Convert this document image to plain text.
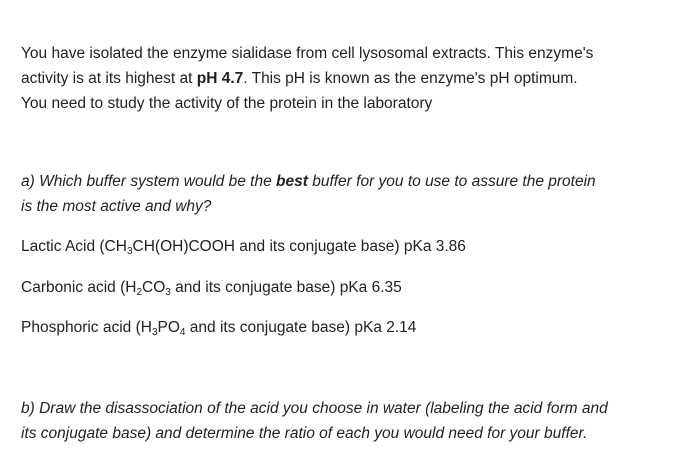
You have isolated the enzyme sialidase from cell lysosomal extracts. This enzyme's
activity is at its highest at pH 4.7. This pH is known as the enzyme's pH optimum.
You need to study the activity of the protein in the laboratory
a) Which buffer system would be the best buffer for you to use to assure the protein
is the most active and why?
Lactic Acid ($CH_3CH(OH)COOH$ and its conjugate base) pKa 3.86
Carbonic acid ($H_2CO_3$ and its conjugate base) pKa 6.35
Phosphoric acid ($H_3PO_4$ and its conjugate base) pKa 2.14
b) Draw the disassociation of the acid you choose in water (labeling the acid form and
its conjugate base) and determine the ratio of each you would need for your buffer.
